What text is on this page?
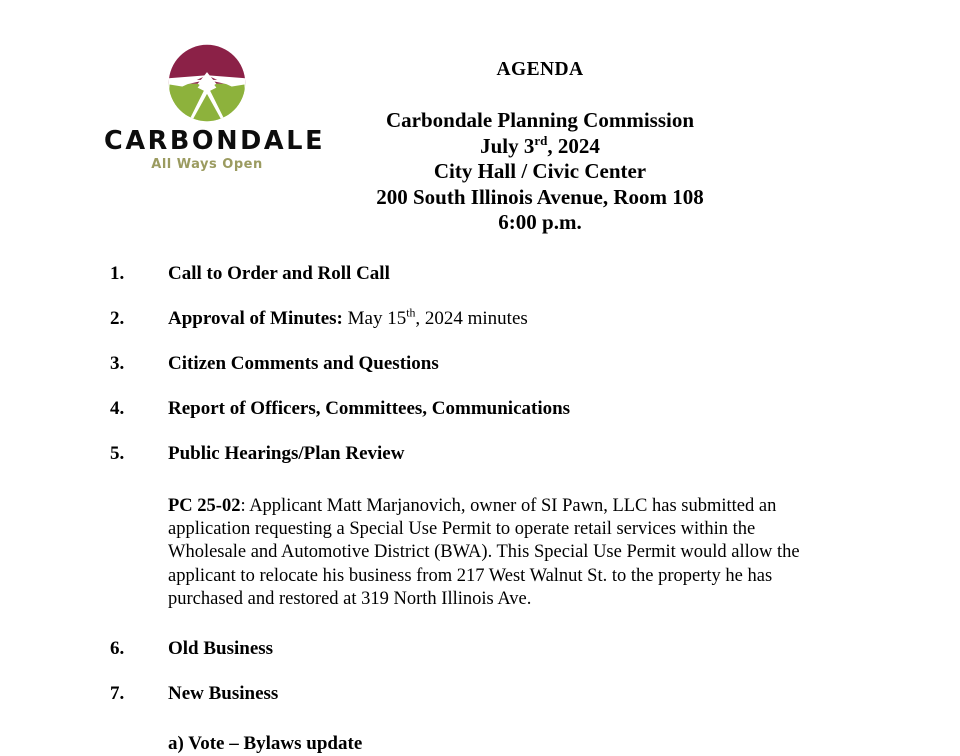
CARBONDALE
All Ways Open
AGENDA
Carbondale Planning Commission
July 3rd, 2024
City Hall / Civic Center
200 South Illinois Avenue, Room 108
6:00 p.m.
1. Call to Order and Roll Call
2. Approval of Minutes: May 15th, 2024 minutes
3. Citizen Comments and Questions
4. Report of Officers, Committees, Communications
5. Public Hearings/Plan Review
PC 25-02: Applicant Matt Marjanovich, owner of SI Pawn, LLC has submitted an application requesting a Special Use Permit to operate retail services within the Wholesale and Automotive District (BWA). This Special Use Permit would allow the applicant to relocate his business from 217 West Walnut St. to the property he has purchased and restored at 319 North Illinois Ave.
6. Old Business
7. New Business
a) Vote – Bylaws update
